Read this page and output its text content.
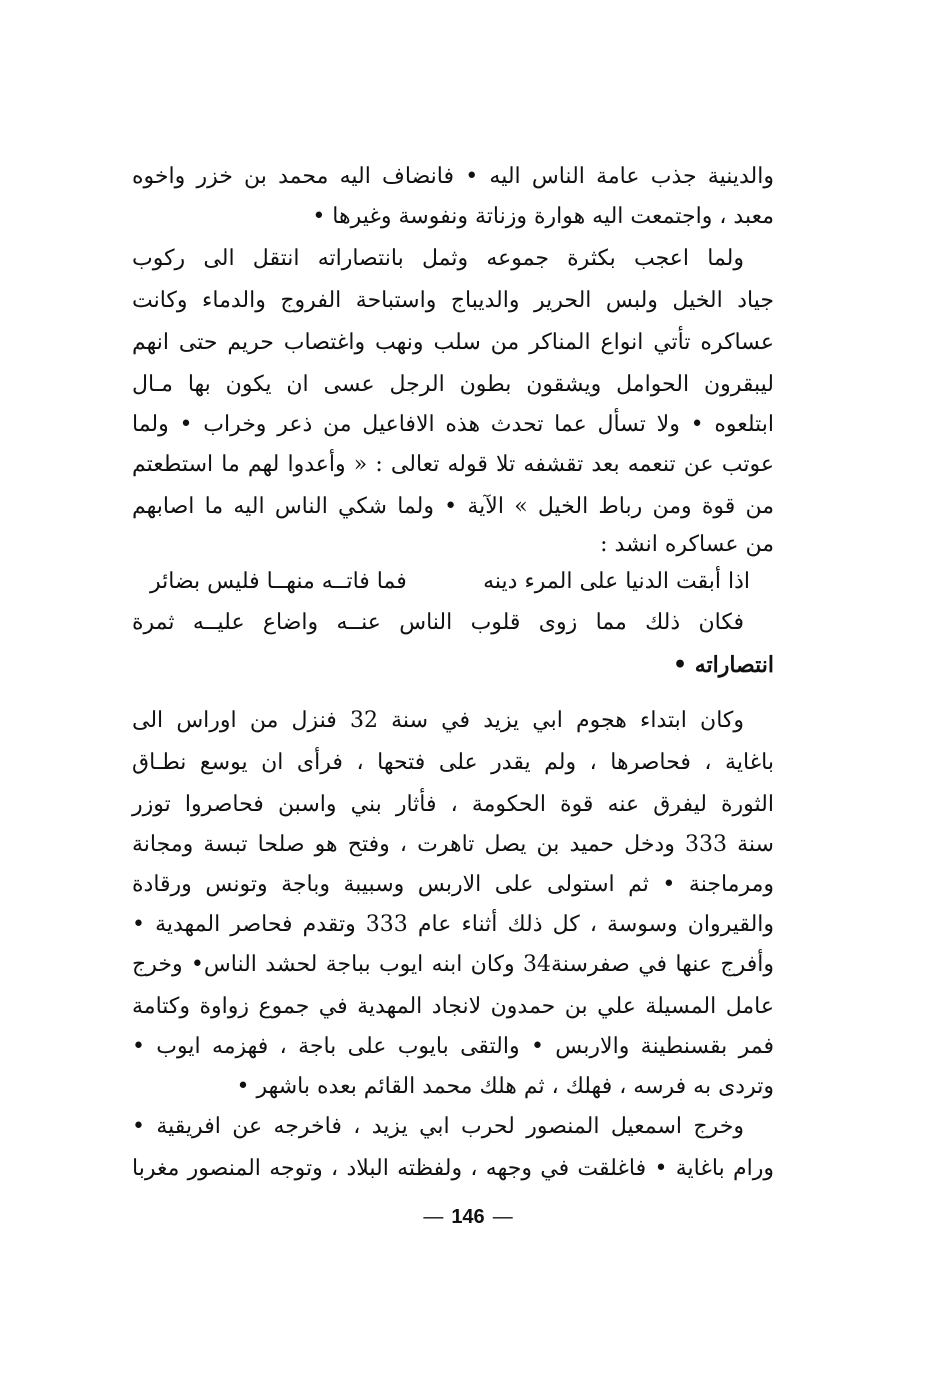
والدينية جذب عامة الناس اليه • فانضاف اليه محمد بن خزر واخوه
معبد ، واجتمعت اليه هوارة وزناتة ونفوسة وغيرها •
ولما اعجب بكثرة جموعه وثمل بانتصاراته انتقل الى ركوب
جياد الخيل ولبس الحرير والديباج واستباحة الفروج والدماء وكانت
عساكره تأتي انواع المناكر من سلب ونهب واغتصاب حريم حتى انهم
ليبقرون الحوامل ويشقون بطون الرجل عسى ان يكون بها مـال
ابتلعوه • ولا تسأل عما تحدث هذه الافاعيل من ذعر وخراب • ولما
عوتب عن تنعمه بعد تقشفه تلا قوله تعالى : « وأعدوا لهم ما استطعتم
من قوة ومن رباط الخيل » الآية • ولما شكي الناس اليه ما اصابهم
من عساكره انشد :
اذا أبقت الدنيا على المرء دينه
فما فاتــه منهــا فليس بضائر
فكان ذلك مما زوى قلوب الناس عنــه واضاع عليــه ثمرة
انتصاراته •
وكان ابتداء هجوم ابي يزيد في سنة 32 فنزل من اوراس الى
باغاية ، فحاصرها ، ولم يقدر على فتحها ، فرأى ان يوسع نطـاق
الثورة ليفرق عنه قوة الحكومة ، فأثار بني واسبن فحاصروا توزر
سنة 333 ودخل حميد بن يصل تاهرت ، وفتح هو صلحا تبسة ومجانة
ومرماجنة • ثم استولى على الاربس وسبيبة وباجة وتونس ورقادة
والقيروان وسوسة ، كل ذلك أثناء عام 333 وتقدم فحاصر المهدية •
وأفرج عنها في صفرسنة34 وكان ابنه ايوب بباجة لحشد الناس• وخرج
عامل المسيلة علي بن حمدون لانجاد المهدية في جموع زواوة وكتامة
فمر بقسنطينة والاربس • والتقى بايوب على باجة ، فهزمه ايوب •
وتردى به فرسه ، فهلك ، ثم هلك محمد القائم بعده باشهر •
وخرج اسمعيل المنصور لحرب ابي يزيد ، فاخرجه عن افريقية •
ورام باغاية • فاغلقت في وجهه ، ولفظته البلاد ، وتوجه المنصور مغربا
— 146 —
